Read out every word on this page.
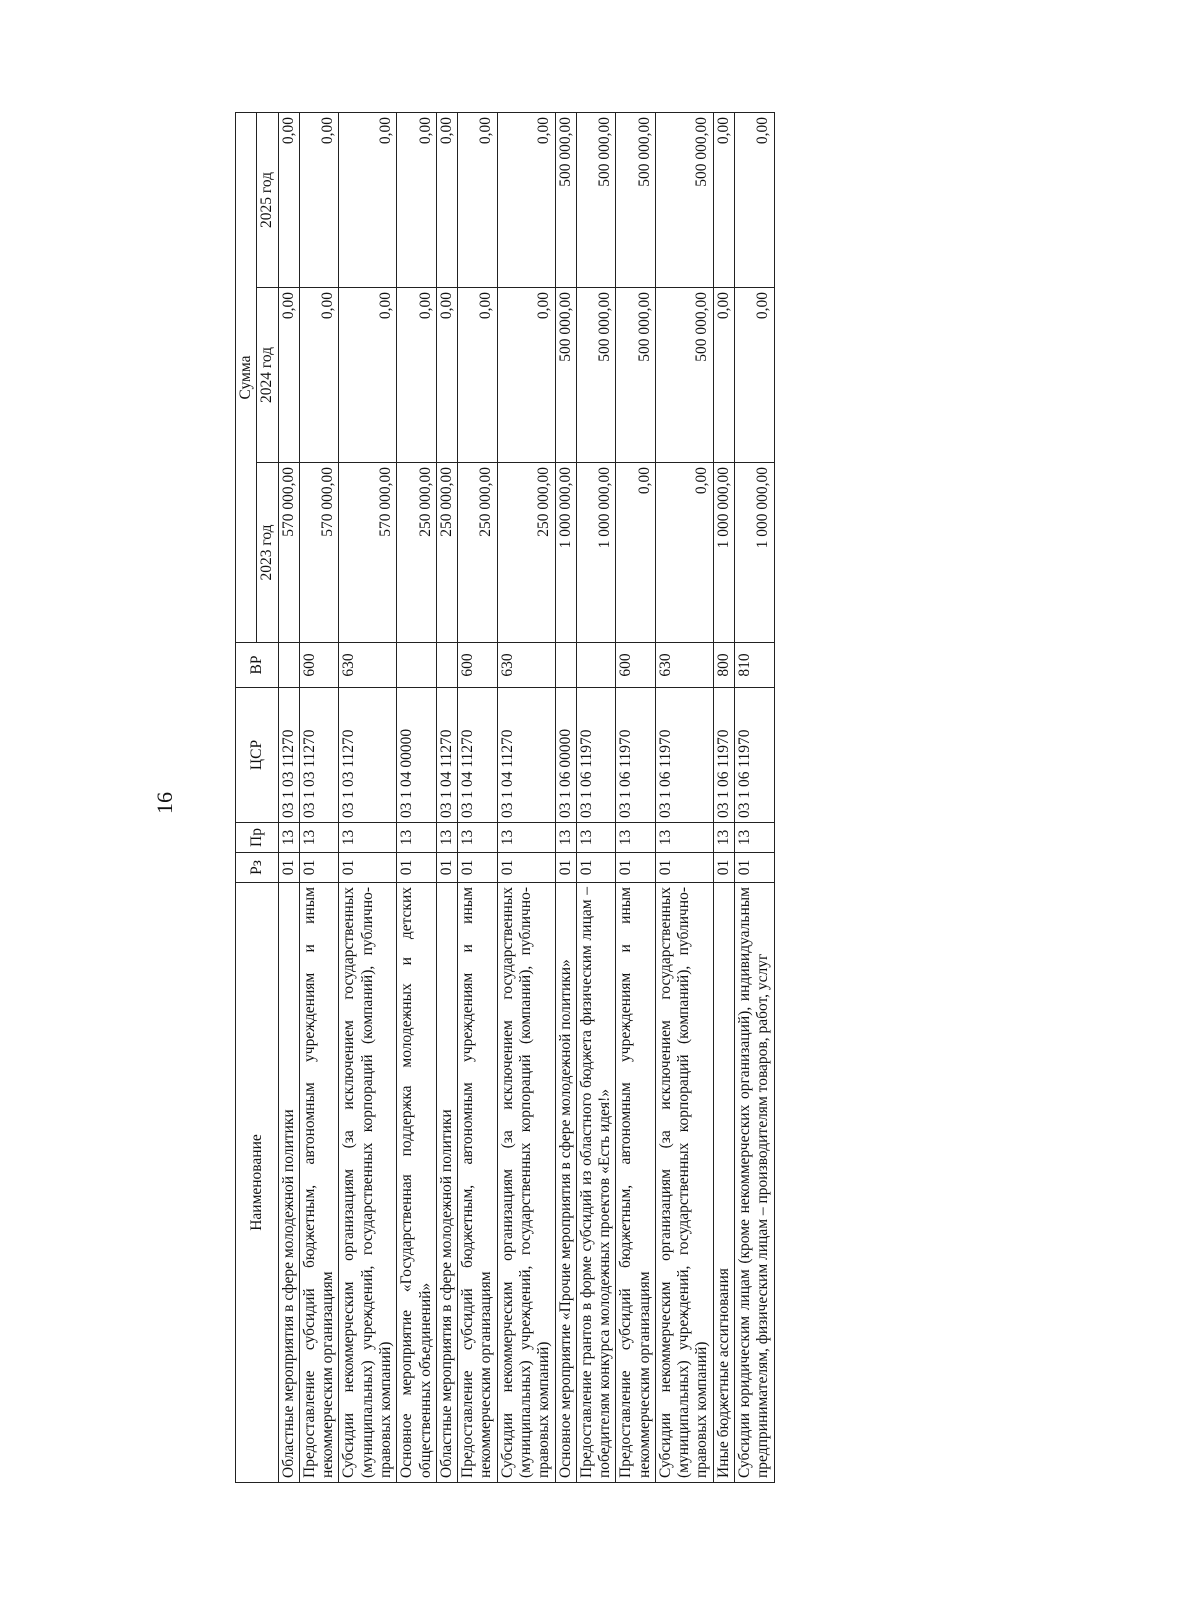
16
Наименование	Рз	Пр	ЦСР	ВР	Сумма		
					2023 год	2024 год	2025 год
Областные мероприятия в сфере молодежной политики	01	13	03 1 03 11270		570 000,00	0,00	0,00
Предоставление субсидий бюджетным, автономным учреждениям и иным некоммерческим организациям	01	13	03 1 03 11270	600	570 000,00	0,00	0,00
Субсидии некоммерческим организациям (за исключением государственных (муниципальных) учреждений, государственных корпораций (компаний), публично-правовых компаний)	01	13	03 1 03 11270	630	570 000,00	0,00	0,00
Основное мероприятие «Государственная поддержка молодежных и детских общественных объединений»	01	13	03 1 04 00000		250 000,00	0,00	0,00
Областные мероприятия в сфере молодежной политики	01	13	03 1 04 11270		250 000,00	0,00	0,00
Предоставление субсидий бюджетным, автономным учреждениям и иным некоммерческим организациям	01	13	03 1 04 11270	600	250 000,00	0,00	0,00
Субсидии некоммерческим организациям (за исключением государственных (муниципальных) учреждений, государственных корпораций (компаний), публично-правовых компаний)	01	13	03 1 04 11270	630	250 000,00	0,00	0,00
Основное мероприятие «Прочие мероприятия в сфере молодежной политики»	01	13	03 1 06 00000		1 000 000,00	500 000,00	500 000,00
Предоставление грантов в форме субсидий из областного бюджета физическим лицам – победителям конкурса молодежных проектов «Есть идея!»	01	13	03 1 06 11970		1 000 000,00	500 000,00	500 000,00
Предоставление субсидий бюджетным, автономным учреждениям и иным некоммерческим организациям	01	13	03 1 06 11970	600	0,00	500 000,00	500 000,00
Субсидии некоммерческим организациям (за исключением государственных (муниципальных) учреждений, государственных корпораций (компаний), публично-правовых компаний)	01	13	03 1 06 11970	630	0,00	500 000,00	500 000,00
Иные бюджетные ассигнования	01	13	03 1 06 11970	800	1 000 000,00	0,00	0,00
Субсидии юридическим лицам (кроме некоммерческих организаций), индивидуальным предпринимателям, физическим лицам – производителям товаров, работ, услуг	01	13	03 1 06 11970	810	1 000 000,00	0,00	0,00
